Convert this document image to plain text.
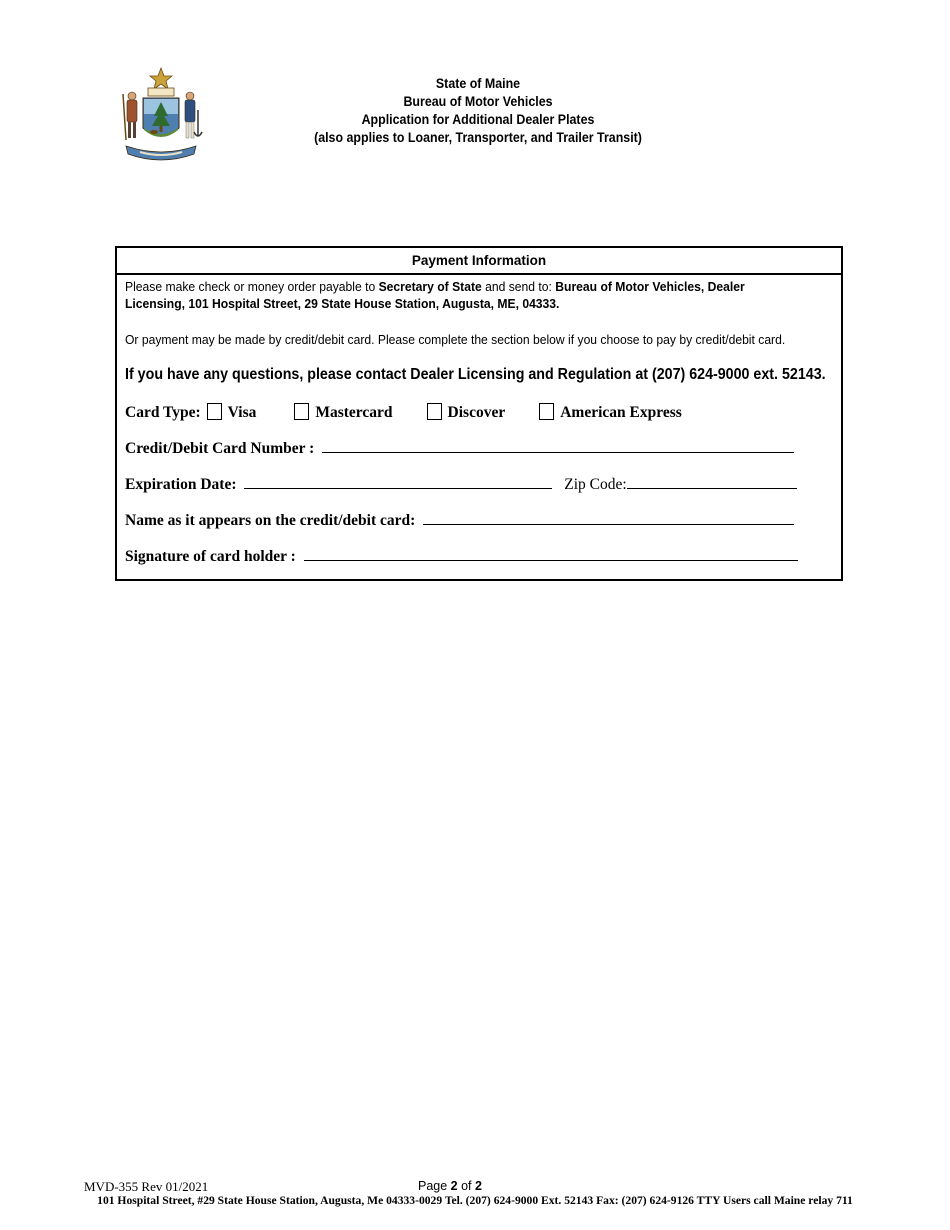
State of Maine
Bureau of Motor Vehicles
Application for Additional Dealer Plates
(also applies to Loaner, Transporter, and Trailer Transit)
Payment Information
Please make check or money order payable to Secretary of State and send to: Bureau of Motor Vehicles, Dealer
Licensing, 101 Hospital Street, 29 State House Station, Augusta, ME, 04333.
Or payment may be made by credit/debit card. Please complete the section below if you choose to pay by credit/debit card.
If you have any questions, please contact Dealer Licensing and Regulation at (207) 624-9000 ext. 52143.
Card Type: Visa	Mastercard	Discover	American Express
Credit/Debit Card Number :
Expiration Date:	Zip Code:
Name as it appears on the credit/debit card:
Signature of card holder :
MVD-355 Rev 01/2021	Page 2 of 2
101 Hospital Street, #29 State House Station, Augusta, Me 04333-0029 Tel. (207) 624-9000 Ext. 52143 Fax: (207) 624-9126 TTY Users call Maine relay 711
